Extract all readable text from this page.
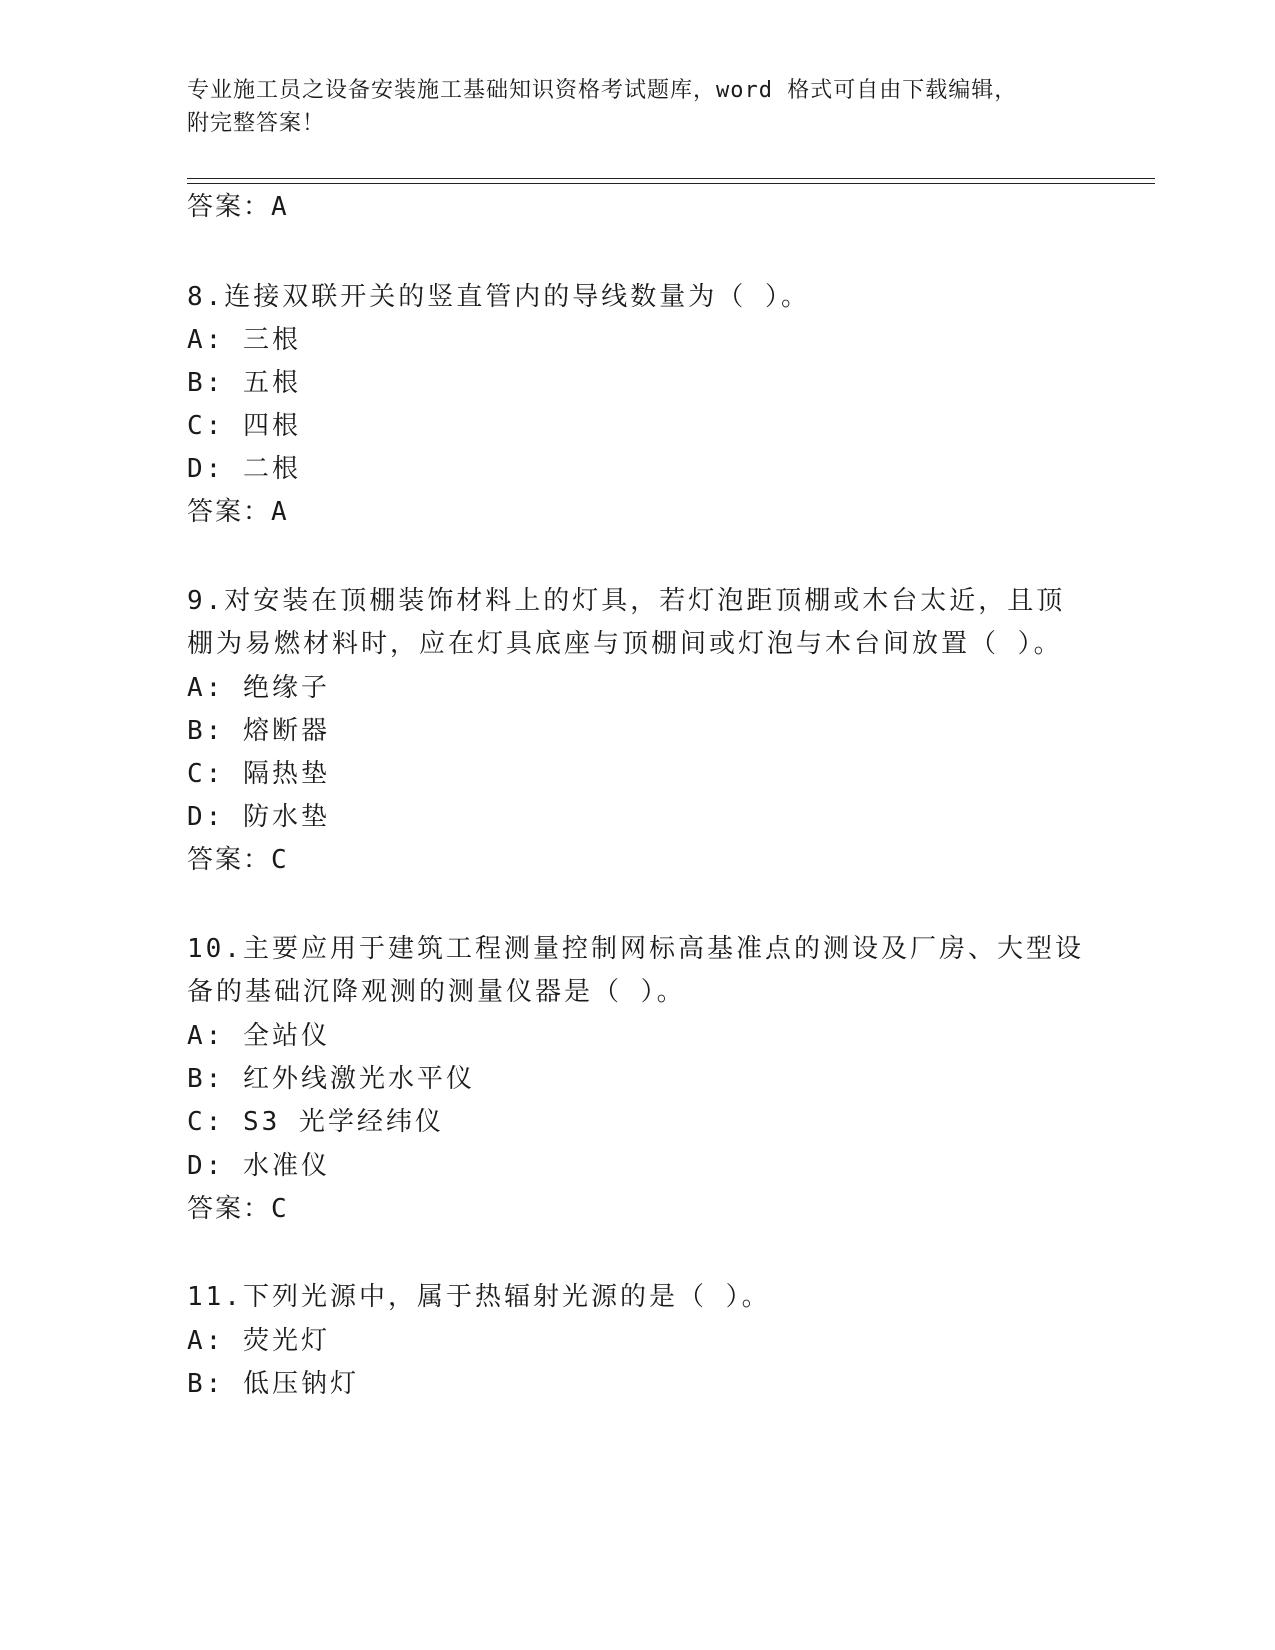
专业施工员之设备安装施工基础知识资格考试题库，word 格式可自由下载编辑，
附完整答案！
答案：A
8.连接双联开关的竖直管内的导线数量为（ ）。
A: 三根
B: 五根
C: 四根
D: 二根
答案：A
9.对安装在顶棚装饰材料上的灯具，若灯泡距顶棚或木台太近，且顶
棚为易燃材料时，应在灯具底座与顶棚间或灯泡与木台间放置（ ）。
A: 绝缘子
B: 熔断器
C: 隔热垫
D: 防水垫
答案：C
10.主要应用于建筑工程测量控制网标高基准点的测设及厂房、大型设
备的基础沉降观测的测量仪器是（ ）。
A: 全站仪
B: 红外线激光水平仪
C: S3 光学经纬仪
D: 水准仪
答案：C
11.下列光源中，属于热辐射光源的是（ ）。
A: 荧光灯
B: 低压钠灯
